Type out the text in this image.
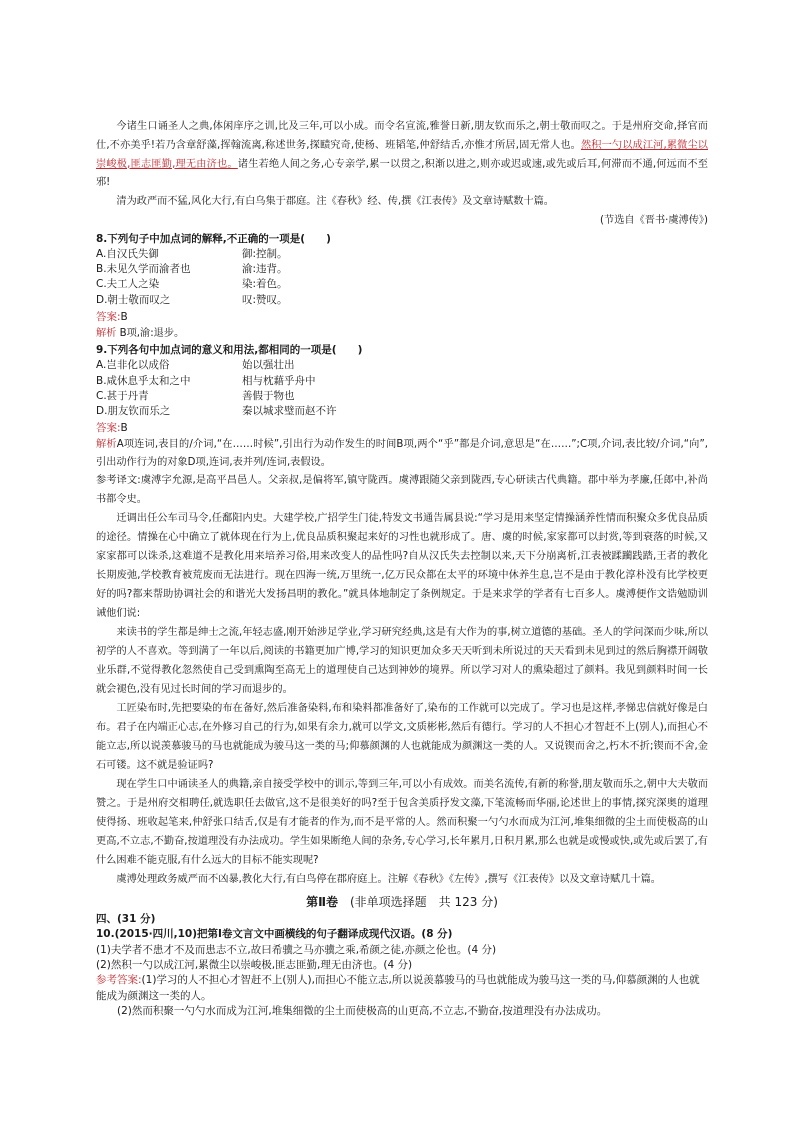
今诸生口诵圣人之典,体闲庠序之训,比及三年,可以小成。而令名宣流,雅誉日新,朋友钦而乐之,朝士敬而叹之。于是州府交命,择官而仕,不亦美乎!若乃含章舒藻,挥翰流离,称述世务,探赜究奇,使杨、班韬笔,仲舒结舌,亦惟才所居,固无常人也。然积一勺以成江河,累微尘以崇峻极,匪志匪勤,理无由济也。诸生若绝人间之务,心专亲学,累一以贯之,积渐以进之,则亦或迟或速,或先或后耳,何滞而不通,何远而不至邪!

清为政严而不猛,风化大行,有白乌集于郡庭。注《春秋》经、传,撰《江表传》及文章诗赋数十篇。

(节选自《晋书·虞溥传》)

8.下列句子中加点词的解释,不正确的一项是(　　)

A.自汉氏失御	御:控制。

B.未见久学而渝者也	渝:违背。

C.夫工人之染	染:着色。

D.朝士敬而叹之	叹:赞叹。

答案:B

解析 B项,渝:退步。

9.下列各句中加点词的意义和用法,都相同的一项是(　　)

A.岂非化以成俗	始以强壮出

B.咸休息乎太和之中	相与枕藉乎舟中

C.甚于丹青	善假于物也

D.朋友钦而乐之	秦以城求璧而赵不许

答案:B

解析A项连词,表目的/介词,“在……时候”,引出行为动作发生的时间B项,两个“乎”都是介词,意思是“在……”;C项,介词,表比较/介词,“向”,引出动作行为的对象D项,连词,表并列/连词,表假设。

参考译文:虞溥字允源,是高平昌邑人。父亲叔,是偏将军,镇守陇西。虞溥跟随父亲到陇西,专心研读古代典籍。郡中举为孝廉,任郎中,补尚书都令史。

迁调出任公车司马令,任鄱阳内史。大建学校,广招学生门徒,特发文书通告属县说:“学习是用来坚定情操涵养性情而积聚众多优良品质的途径。情操在心中确立了就体现在行为上,优良品质积聚起来好的习性也就形成了。唐、虞的时候,家家都可以封赏,等到衰落的时候,又家家都可以诛杀,这难道不是教化用来培养习俗,用来改变人的品性吗?自从汉氏失去控制以来,天下分崩离析,江表被蹂躏践踏,王者的教化长期废弛,学校教育被荒废而无法进行。现在四海一统,万里统一,亿万民众都在太平的环境中休养生息,岂不是由于教化淳朴没有比学校更好的吗?都来帮助协调社会的和谐光大发扬昌明的教化。”就具体地制定了条例规定。于是来求学的学者有七百多人。虞溥便作文诰勉励训诫他们说:

来读书的学生都是绅士之流,年轻志盛,刚开始涉足学业,学习研究经典,这是有大作为的事,树立道德的基础。圣人的学问深而少味,所以初学的人不喜欢。等到满了一年以后,阅读的书籍更加广博,学习的知识更加众多天天听到未所说过的天天看到未见到过的然后胸襟开阔敬业乐群,不觉得教化忽然使自己受到熏陶至高无上的道理使自己达到神妙的境界。所以学习对人的熏染超过了颜料。我见到颜料时间一长就会褪色,没有见过长时间的学习而退步的。

工匠染布时,先把要染的布在备好,然后准备染料,布和染料都准备好了,染布的工作就可以完成了。学习也是这样,孝悌忠信就好像是白布。君子在内端正心志,在外修习自己的行为,如果有余力,就可以学文,文质彬彬,然后有德行。学习的人不担心才智赶不上(别人),而担心不能立志,所以说羡慕骏马的马也就能成为骏马这一类的马;仰慕颜渊的人也就能成为颜渊这一类的人。又说锲而舍之,朽木不折;锲而不舍,金石可镂。这不就是验证吗?

现在学生口中诵读圣人的典籍,亲自接受学校中的训示,等到三年,可以小有成效。而美名流传,有新的称誉,朋友敬而乐之,朝中大夫敬而赞之。于是州府交相聘任,就选职任去做官,这不是很美好的吗?至于包含美质抒发文藻,下笔流畅而华丽,论述世上的事情,探究深奥的道理使得扬、班收起笔来,仲舒张口结舌,仅是有才能者的作为,而不是平常的人。然而积聚一勺勺水而成为江河,堆集细微的尘土而使极高的山更高,不立志,不勤奋,按道理没有办法成功。学生如果断绝人间的杂务,专心学习,长年累月,日积月累,那么也就是或慢或快,或先或后罢了,有什么困难不能克服,有什么远大的目标不能实现呢?

虞溥处理政务威严而不凶暴,教化大行,有白鸟停在郡府庭上。注解《春秋》《左传》,撰写《江表传》以及文章诗赋几十篇。

第Ⅱ卷　 (非单项选择题　共 123 分)

四、(31 分)

10.(2015·四川,10)把第Ⅰ卷文言文中画横线的句子翻译成现代汉语。(8 分)

(1)夫学者不患才不及而患志不立,故曰希骥之马亦骥之乘,希颜之徒,亦颜之伦也。(4 分)

(2)然积一勺以成江河,累微尘以崇峻极,匪志匪勤,理无由济也。(4 分)

参考答案:(1)学习的人不担心才智赶不上(别人),而担心不能立志,所以说羡慕骏马的马也就能成为骏马这一类的马,仰慕颜渊的人也就能成为颜渊这一类的人。

(2)然而积聚一勺勺水而成为江河,堆集细微的尘土而使极高的山更高,不立志,不勤奋,按道理没有办法成功。
